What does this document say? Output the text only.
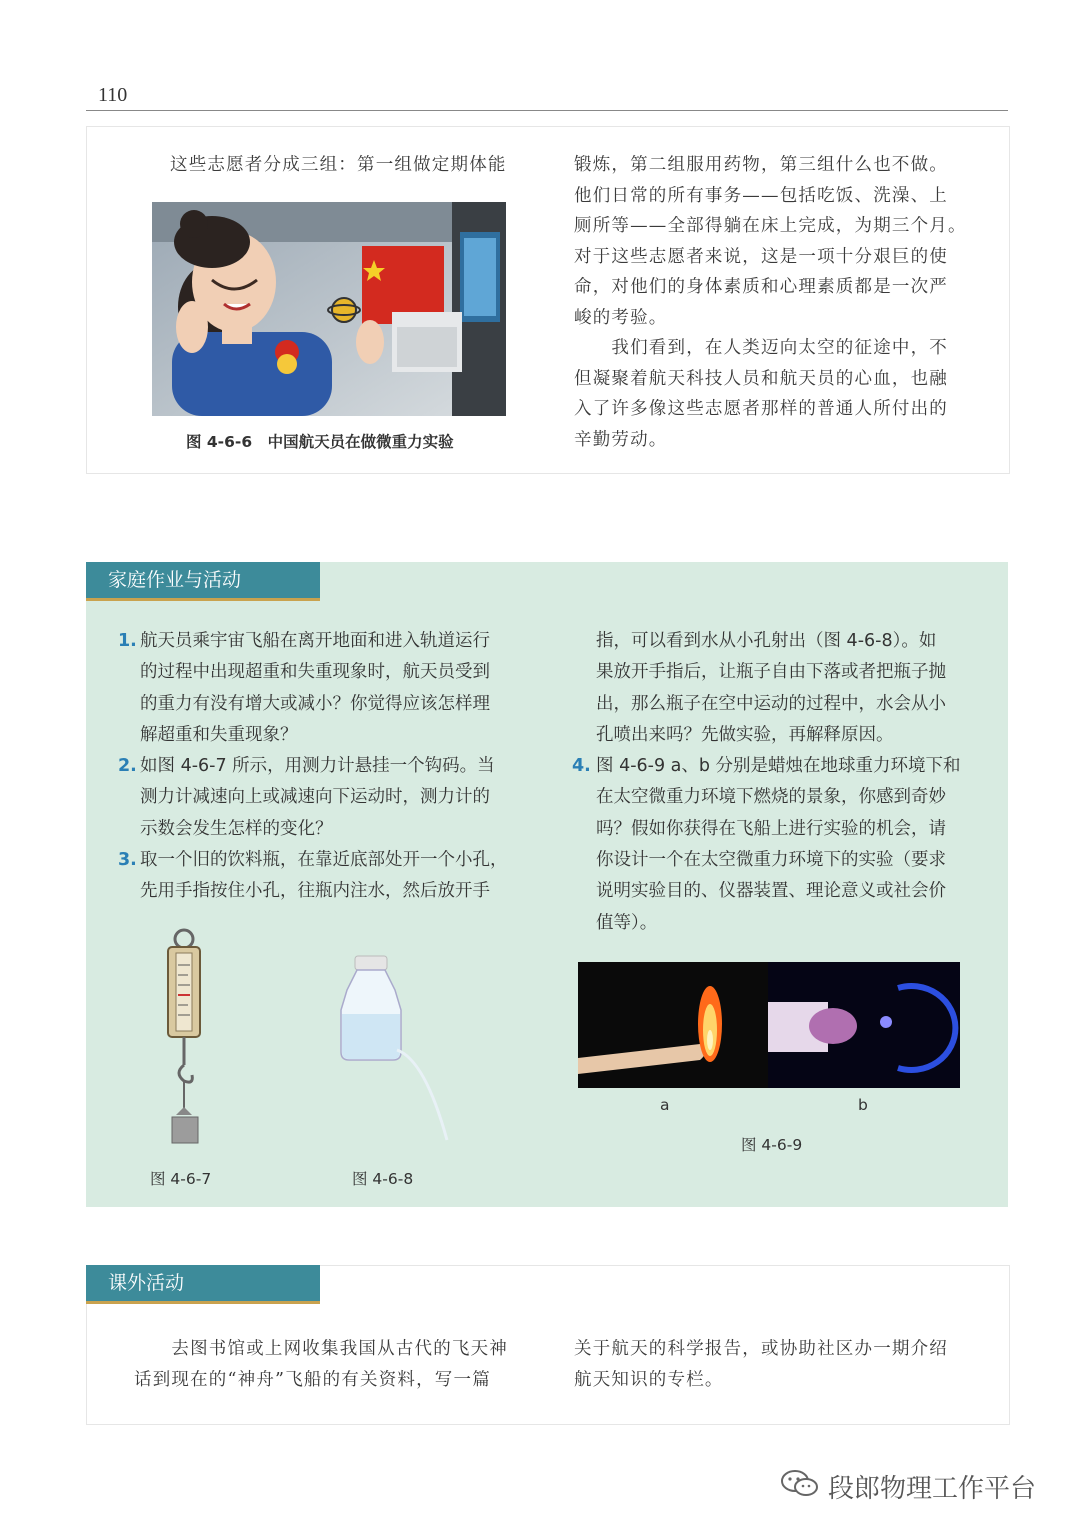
110
这些志愿者分成三组：第一组做定期体能
图 4-6-6　中国航天员在做微重力实验
锻炼，第二组服用药物，第三组什么也不做。
他们日常的所有事务——包括吃饭、洗澡、上
厕所等——全部得躺在床上完成，为期三个月。
对于这些志愿者来说，这是一项十分艰巨的使
命，对他们的身体素质和心理素质都是一次严
峻的考验。
　　我们看到，在人类迈向太空的征途中，不
但凝聚着航天科技人员和航天员的心血，也融
入了许多像这些志愿者那样的普通人所付出的
辛勤劳动。
家庭作业与活动
1. 航天员乘宇宙飞船在离开地面和进入轨道运行
的过程中出现超重和失重现象时，航天员受到
的重力有没有增大或减小？你觉得应该怎样理
解超重和失重现象？
2. 如图 4-6-7 所示，用测力计悬挂一个钩码。当
测力计减速向上或减速向下运动时，测力计的
示数会发生怎样的变化？
3. 取一个旧的饮料瓶，在靠近底部处开一个小孔，
先用手指按住小孔，往瓶内注水，然后放开手
指，可以看到水从小孔射出（图 4-6-8）。如
果放开手指后，让瓶子自由下落或者把瓶子抛
出，那么瓶子在空中运动的过程中，水会从小
孔喷出来吗？先做实验，再解释原因。
4. 图 4-6-9 a、b 分别是蜡烛在地球重力环境下和
在太空微重力环境下燃烧的景象，你感到奇妙
吗？假如你获得在飞船上进行实验的机会，请
你设计一个在太空微重力环境下的实验（要求
说明实验目的、仪器装置、理论意义或社会价
值等）。
图 4-6-7	图 4-6-8
a	b
图 4-6-9
课外活动
　　去图书馆或上网收集我国从古代的飞天神
话到现在的“神舟”飞船的有关资料，写一篇
关于航天的科学报告，或协助社区办一期介绍
航天知识的专栏。
段郎物理工作平台
